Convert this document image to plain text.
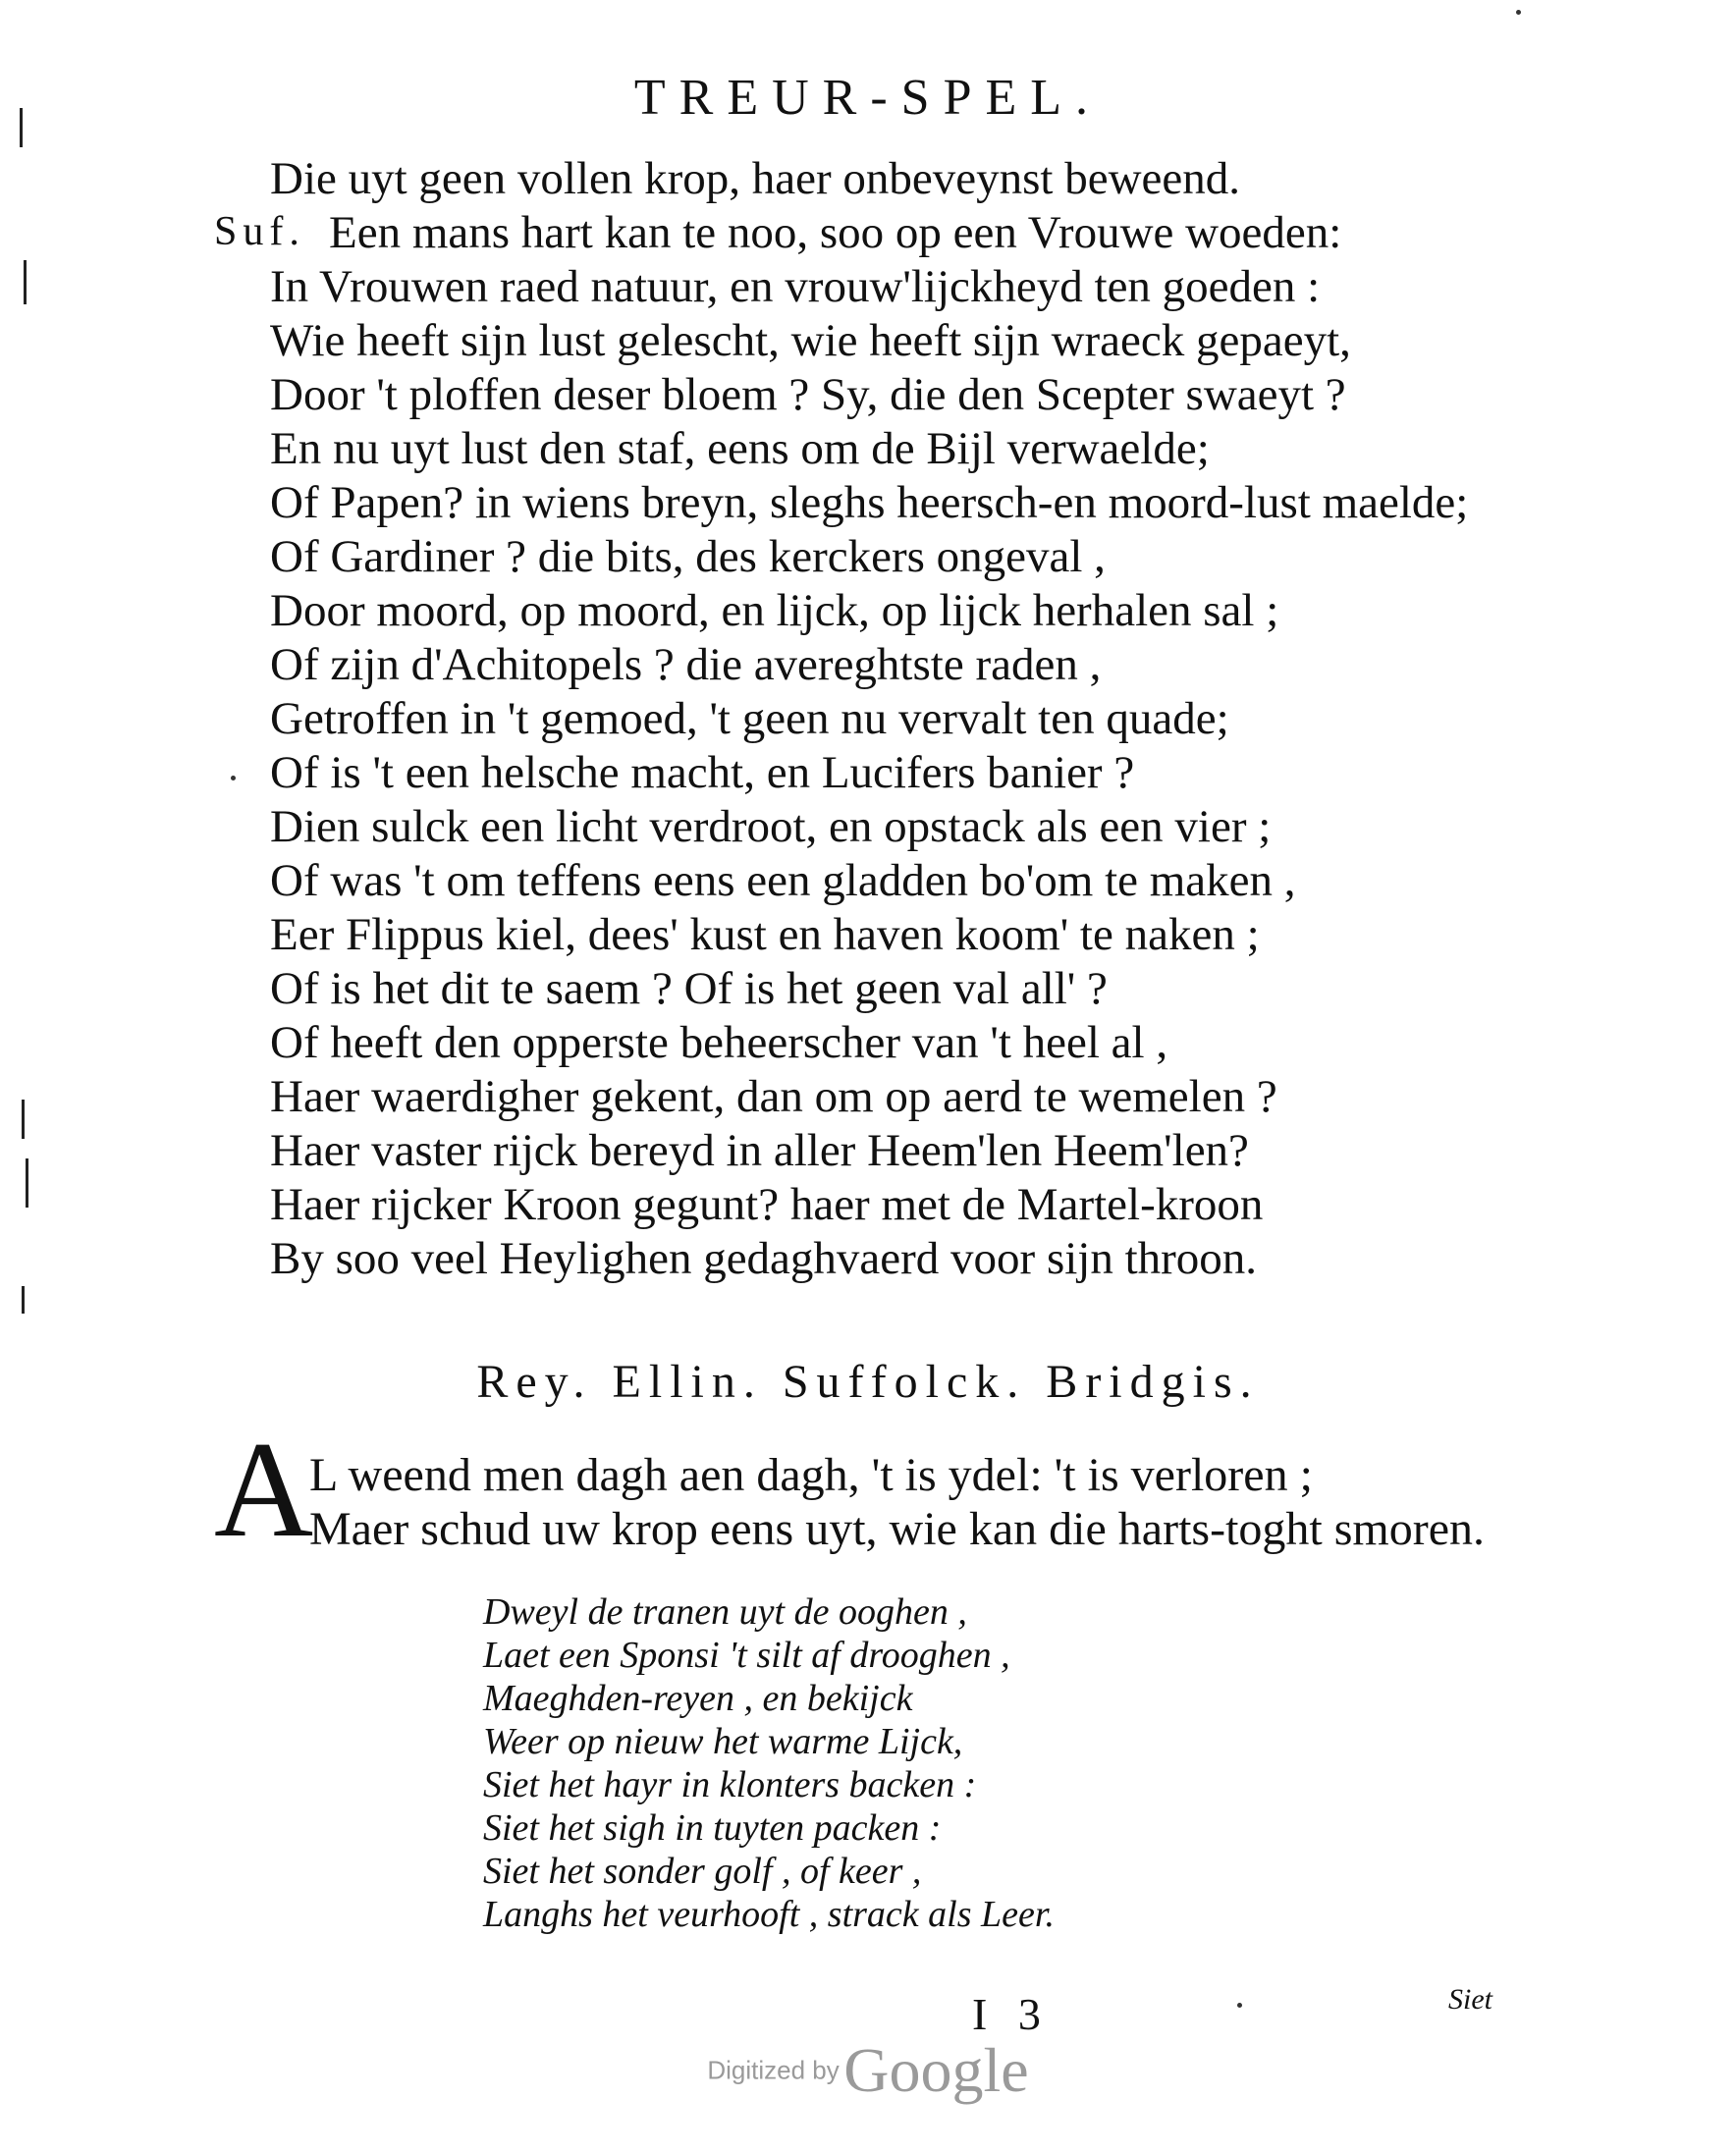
TREUR-SPEL.
Die uyt geen vollen krop, haer onbeveynst beweend.
Suf. Een mans hart kan te noo, soo op een Vrouwe woeden:
In Vrouwen raed natuur, en vrouw'lijckheyd ten goeden :
Wie heeft sijn lust gelescht, wie heeft sijn wraeck gepaeyt,
Door 't ploffen deser bloem ? Sy, die den Scepter swaeyt ?
En nu uyt lust den staf, eens om de Bijl verwaelde;
Of Papen? in wiens breyn, sleghs heersch-en moord-lust maelde;
Of Gardiner ? die bits, des kerckers ongeval ,
Door moord, op moord, en lijck, op lijck herhalen sal ;
Of zijn d'Achitopels ? die avereghtste raden ,
Getroffen in 't gemoed, 't geen nu vervalt ten quade;
Of is 't een helsche macht, en Lucifers banier ?
Dien sulck een licht verdroot, en opstack als een vier ;
Of was 't om teffens eens een gladden bo'om te maken ,
Eer Flippus kiel, dees' kust en haven koom' te naken ;
Of is het dit te saem ? Of is het geen val all' ?
Of heeft den opperste beheerscher van 't heel al ,
Haer waerdigher gekent, dan om op aerd te wemelen ?
Haer vaster rijck bereyd in aller Heem'len Heem'len?
Haer rijcker Kroon gegunt? haer met de Martel-kroon
By soo veel Heylighen gedaghvaerd voor sijn throon.
Rey. Ellin. Suffolck. Bridgis.
A
L weend men dagh aen dagh, 't is ydel: 't is verloren ;
Maer schud uw krop eens uyt, wie kan die harts-toght smoren.
Dweyl de tranen uyt de ooghen ,
Laet een Sponsi 't silt af drooghen ,
Maeghden-reyen , en bekijck
Weer op nieuw het warme Lijck,
Siet het hayr in klonters backen :
Siet het sigh in tuyten packen :
Siet het sonder golf , of keer ,
Langhs het veurhooft , strack als Leer.
I 3	Siet
Digitized by Google
